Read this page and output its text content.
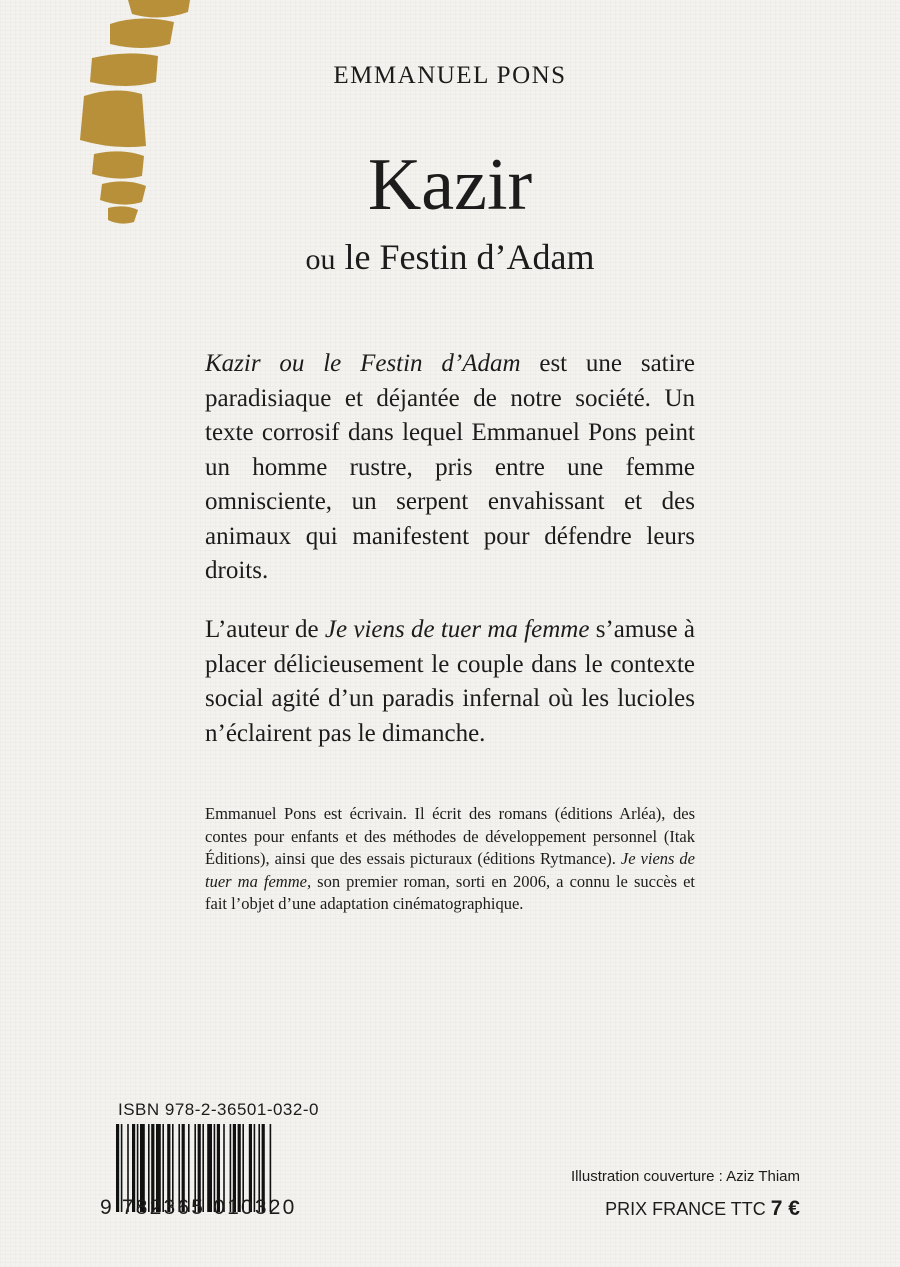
EMMANUEL PONS
Kazir
ou le Festin d’Adam

Kazir ou le Festin d’Adam est une satire paradisiaque et déjantée de notre société. Un texte corrosif dans lequel Emmanuel Pons peint un homme rustre, pris entre une femme omnisciente, un serpent envahissant et des animaux qui manifestent pour défendre leurs droits.

L’auteur de Je viens de tuer ma femme s’amuse à placer délicieusement le couple dans le contexte social agité d’un paradis infernal où les lucioles n’éclairent pas le dimanche.

Emmanuel Pons est écrivain. Il écrit des romans (éditions Arléa), des contes pour enfants et des méthodes de développement personnel (Itak Éditions), ainsi que des essais picturaux (éditions Rytmance). Je viens de tuer ma femme, son premier roman, sorti en 2006, a connu le succès et fait l’objet d’une adaptation cinématographique.

ISBN 978-2-36501-032-0
9 782365 010320
Illustration couverture : Aziz Thiam
PRIX FRANCE TTC 7 €
